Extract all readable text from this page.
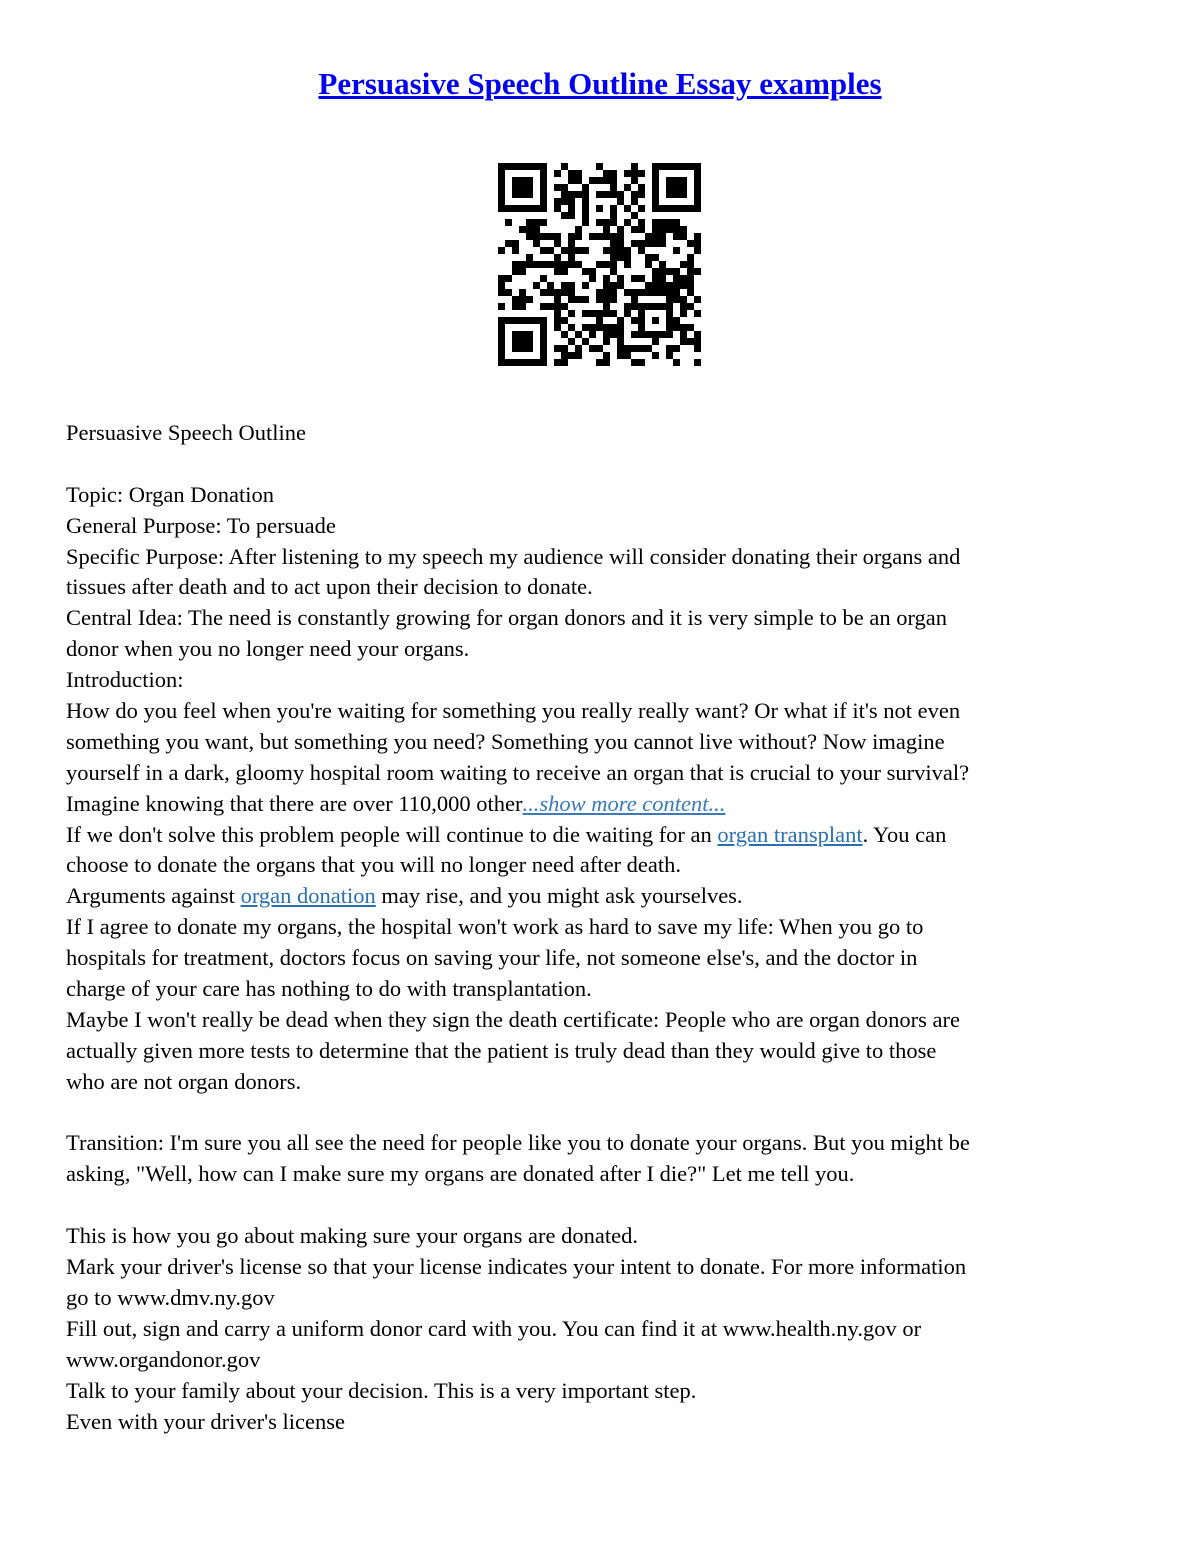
Persuasive Speech Outline Essay examples
Persuasive Speech Outline
Topic: Organ Donation
General Purpose: To persuade
Specific Purpose: After listening to my speech my audience will consider donating their organs and
tissues after death and to act upon their decision to donate.
Central Idea: The need is constantly growing for organ donors and it is very simple to be an organ
donor when you no longer need your organs.
Introduction:
How do you feel when you're waiting for something you really really want? Or what if it's not even
something you want, but something you need? Something you cannot live without? Now imagine
yourself in a dark, gloomy hospital room waiting to receive an organ that is crucial to your survival?
Imagine knowing that there are over 110,000 other...show more content...
If we don't solve this problem people will continue to die waiting for an organ transplant. You can
choose to donate the organs that you will no longer need after death.
Arguments against organ donation may rise, and you might ask yourselves.
If I agree to donate my organs, the hospital won't work as hard to save my life: When you go to
hospitals for treatment, doctors focus on saving your life, not someone else's, and the doctor in
charge of your care has nothing to do with transplantation.
Maybe I won't really be dead when they sign the death certificate: People who are organ donors are
actually given more tests to determine that the patient is truly dead than they would give to those
who are not organ donors.
Transition: I'm sure you all see the need for people like you to donate your organs. But you might be
asking, "Well, how can I make sure my organs are donated after I die?" Let me tell you.
This is how you go about making sure your organs are donated.
Mark your driver's license so that your license indicates your intent to donate. For more information
go to www.dmv.ny.gov
Fill out, sign and carry a uniform donor card with you. You can find it at www.health.ny.gov or
www.organdonor.gov
Talk to your family about your decision. This is a very important step.
Even with your driver's license
